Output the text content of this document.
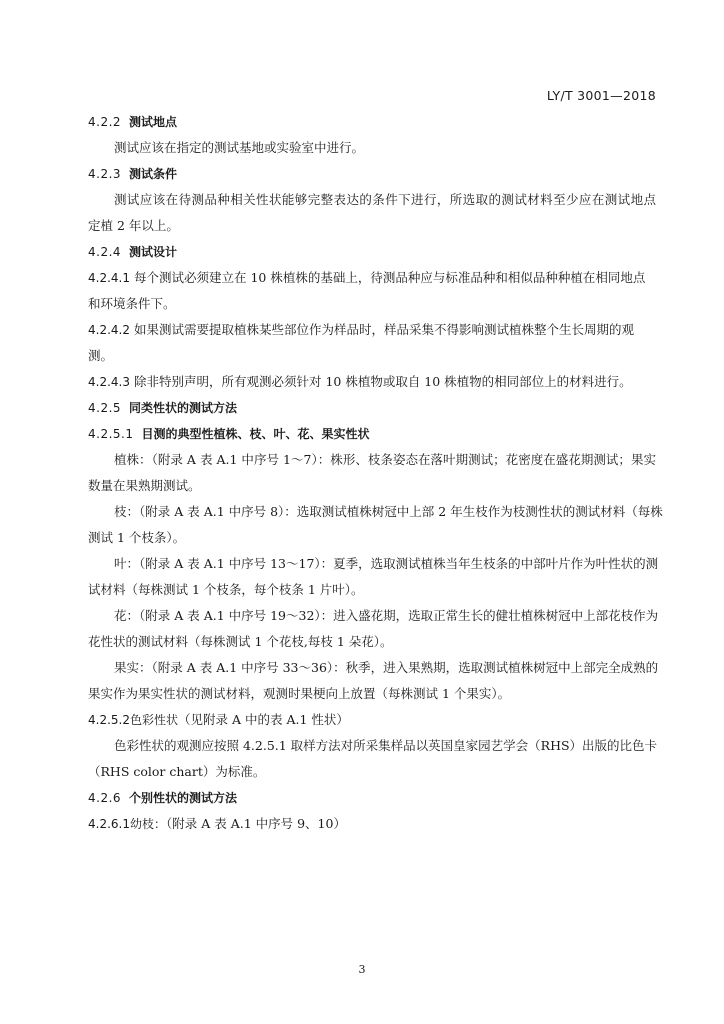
LY/T 3001—2018

4.2.2 测试地点

测试应该在指定的测试基地或实验室中进行。

4.2.3 测试条件

测试应该在待测品种相关性状能够完整表达的条件下进行，所选取的测试材料至少应在测试地点

定植 2 年以上。

4.2.4 测试设计

4.2.4.1 每个测试必须建立在 10 株植株的基础上，待测品种应与标准品种和相似品种种植在相同地点

和环境条件下。

4.2.4.2 如果测试需要提取植株某些部位作为样品时，样品采集不得影响测试植株整个生长周期的观

测。

4.2.4.3 除非特别声明，所有观测必须针对 10 株植物或取自 10 株植物的相同部位上的材料进行。

4.2.5 同类性状的测试方法

4.2.5.1 目测的典型性植株、枝、叶、花、果实性状

植株：（附录 A 表 A.1 中序号 1～7）：株形、枝条姿态在落叶期测试；花密度在盛花期测试；果实

数量在果熟期测试。

枝：（附录 A 表 A.1 中序号 8）：选取测试植株树冠中上部 2 年生枝作为枝测性状的测试材料（每株

测试 1 个枝条）。

叶：（附录 A 表 A.1 中序号 13～17）：夏季，选取测试植株当年生枝条的中部叶片作为叶性状的测

试材料（每株测试 1 个枝条，每个枝条 1 片叶）。

花：（附录 A 表 A.1 中序号 19～32）：进入盛花期，选取正常生长的健壮植株树冠中上部花枝作为

花性状的测试材料（每株测试 1 个花枝,每枝 1 朵花）。

果实：（附录 A 表 A.1 中序号 33～36）：秋季，进入果熟期，选取测试植株树冠中上部完全成熟的

果实作为果实性状的测试材料，观测时果梗向上放置（每株测试 1 个果实）。

4.2.5.2色彩性状（见附录 A 中的表 A.1 性状）

色彩性状的观测应按照 4.2.5.1 取样方法对所采集样品以英国皇家园艺学会（RHS）出版的比色卡

（RHS color chart）为标准。

4.2.6 个别性状的测试方法

4.2.6.1幼枝：（附录 A 表 A.1 中序号 9、10）

3
